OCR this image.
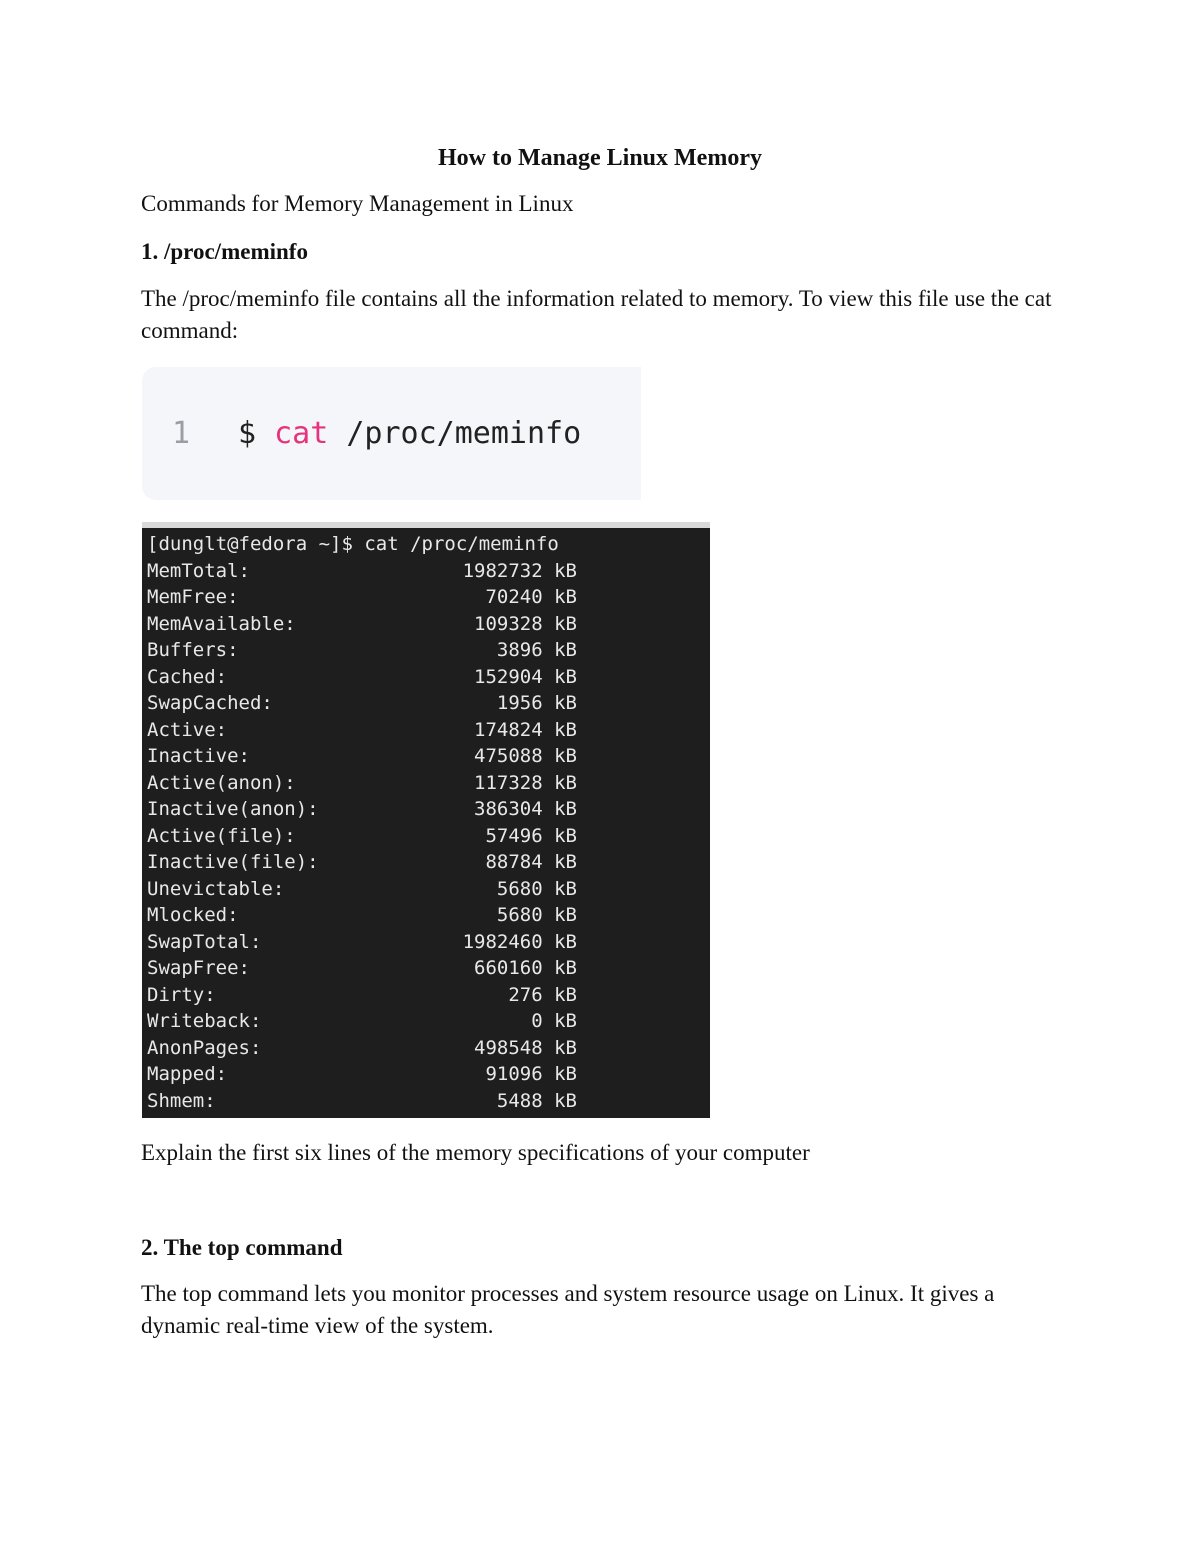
How to Manage Linux Memory
Commands for Memory Management in Linux
1. /proc/meminfo
The /proc/meminfo file contains all the information related to memory. To view this file use the cat command:

1

$ cat /proc/meminfo

[dunglt@fedora ~]$ cat /proc/meminfo
MemTotal:	1982732 kB
MemFree:	70240 kB
MemAvailable:	109328 kB
Buffers:	3896 kB
Cached:	152904 kB
SwapCached:	1956 kB
Active:	174824 kB
Inactive:	475088 kB
Active(anon):	117328 kB
Inactive(anon):	386304 kB
Active(file):	57496 kB
Inactive(file):	88784 kB
Unevictable:	5680 kB
Mlocked:	5680 kB
SwapTotal:	1982460 kB
SwapFree:	660160 kB
Dirty:	276 kB
Writeback:	0 kB
AnonPages:	498548 kB
Mapped:	91096 kB
Shmem:	5488 kB
Explain the first six lines of the memory specifications of your computer
2. The top command
The top command lets you monitor processes and system resource usage on Linux. It gives a dynamic real-time view of the system.
